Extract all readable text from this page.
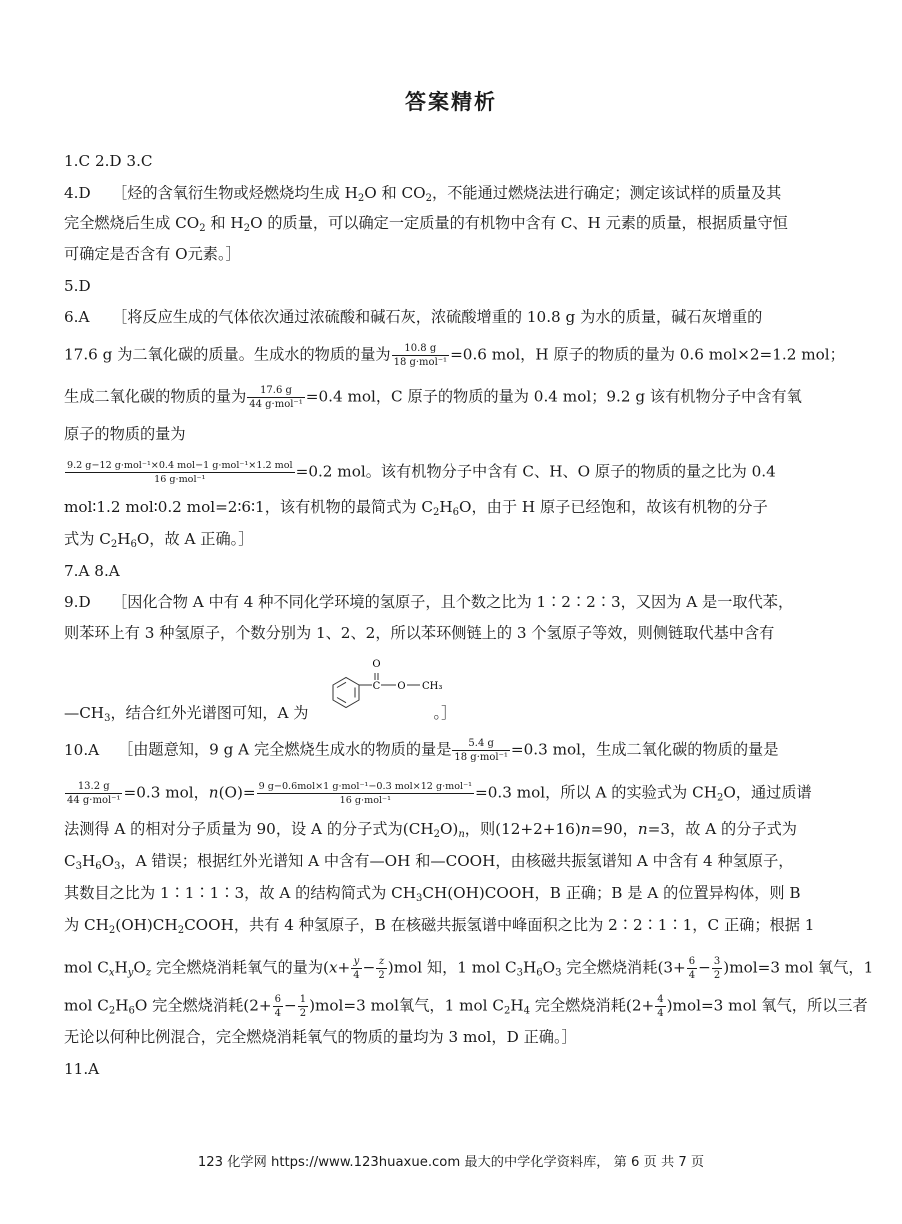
答案精析
1.C 2.D 3.C
4.D ［烃的含氧衍生物或烃燃烧均生成 $H_2O$ 和 $CO_2$，不能通过燃烧法进行确定；测定该试样的质量及其
完全燃烧后生成 $CO_2$ 和 $H_2O$ 的质量，可以确定一定质量的有机物中含有 C、H 元素的质量，根据质量守恒
可确定是否含有 O元素。］
5.D
6.A ［将反应生成的气体依次通过浓硫酸和碱石灰，浓硫酸增重的 10.8 g 为水的质量，碱石灰增重的
17.6 g 为二氧化碳的质量。生成水的物质的量为 $\frac{10.8 g}{\text{18 g·mol⁻¹}} =0.6$ mol，H 原子的物质的量为 0.6 mol×2=1.2 mol；
生成二氧化碳的物质的量为 $\frac{17.6 g}{\text{44 g·mol⁻¹}} =0.4$ mol，C 原子的物质的量为 0.4 mol；9.2 g 该有机物分子中含有氧
原子的物质的量为
$\frac{\text{9.2 g−12 g·mol⁻¹×0.4 mol−1 g·mol⁻¹×1.2 mol}}{\text{16 g·mol⁻¹}} =0.2$ mol。该有机物分子中含有 C、H、O 原子的物质的量之比为 0.4
mol∶1.2 mol∶0.2 mol=2∶6∶1，该有机物的最简式为 $C_2H_6O$，由于 H 原子已经饱和，故该有机物的分子
式为 $C_2H_6O$，故 A 正确。］
7.A 8.A
9.D ［因化合物 A 中有 4 种不同化学环境的氢原子，且个数之比为 1∶2∶2∶3，又因为 A 是一取代苯，
则苯环上有 3 种氢原子，个数分别为 1、2、2，所以苯环侧链上的 3 个氢原子等效，则侧链取代基中含有
$—CH_3$，结合红外光谱图可知，A 为	。］
O
C O CH₃
10.A ［由题意知，9 g A 完全燃烧生成水的物质的量是 $\frac{5.4 g}{\text{18 g·mol⁻¹}} =0.3$ mol，生成二氧化碳的物质的量是
$\frac{13.2 g}{\text{44 g·mol⁻¹}} =0.3$ mol，$n(O)= \frac{\text{9 g−0.6mol×1 g·mol⁻¹−0.3 mol×12 g·mol⁻¹}}{\text{16 g·mol⁻¹}} =0.3$ mol，所以 A 的实验式为 $CH_2O$，通过质谱
法测得 A 的相对分子质量为 90，设 A 的分子式为$(CH_2O)_n$，则(12+2+16)n=90，n=3，故 A 的分子式为
$C_3H_6O_3$，A 错误；根据红外光谱知 A 中含有—OH 和—COOH，由核磁共振氢谱知 A 中含有 4 种氢原子，
其数目之比为 1∶1∶1∶3，故 A 的结构简式为 $CH_3CH(OH)COOH$，B 正确；B 是 A 的位置异构体，则 B
为 $CH_2(OH)CH_2COOH$，共有 4 种氢原子，B 在核磁共振氢谱中峰面积之比为 2∶2∶1∶1，C 正确；根据 1
mol $C_xH_yO_z$ 完全燃烧消耗氧气的量为$(x+ \frac{y}{4} - \frac{z}{2} )mol$ 知，1 mol $C_3H_6O_3$ 完全燃烧消耗$(3+ \frac{6}{4} - \frac{3}{2} )mol=3$ mol 氧气，1
mol $C_2H_6O$ 完全燃烧消耗$(2+ \frac{6}{4} - \frac{1}{2} )mol=3$ mol氧气，1 mol $C_2H_4$ 完全燃烧消耗$(2+ \frac{4}{4} )mol=3$ mol 氧气，所以三者
无论以何种比例混合，完全燃烧消耗氧气的物质的量均为 3 mol，D 正确。］
11.A
123 化学网 https://www.123huaxue.com 最大的中学化学资料库， 第 6 页 共 7 页
